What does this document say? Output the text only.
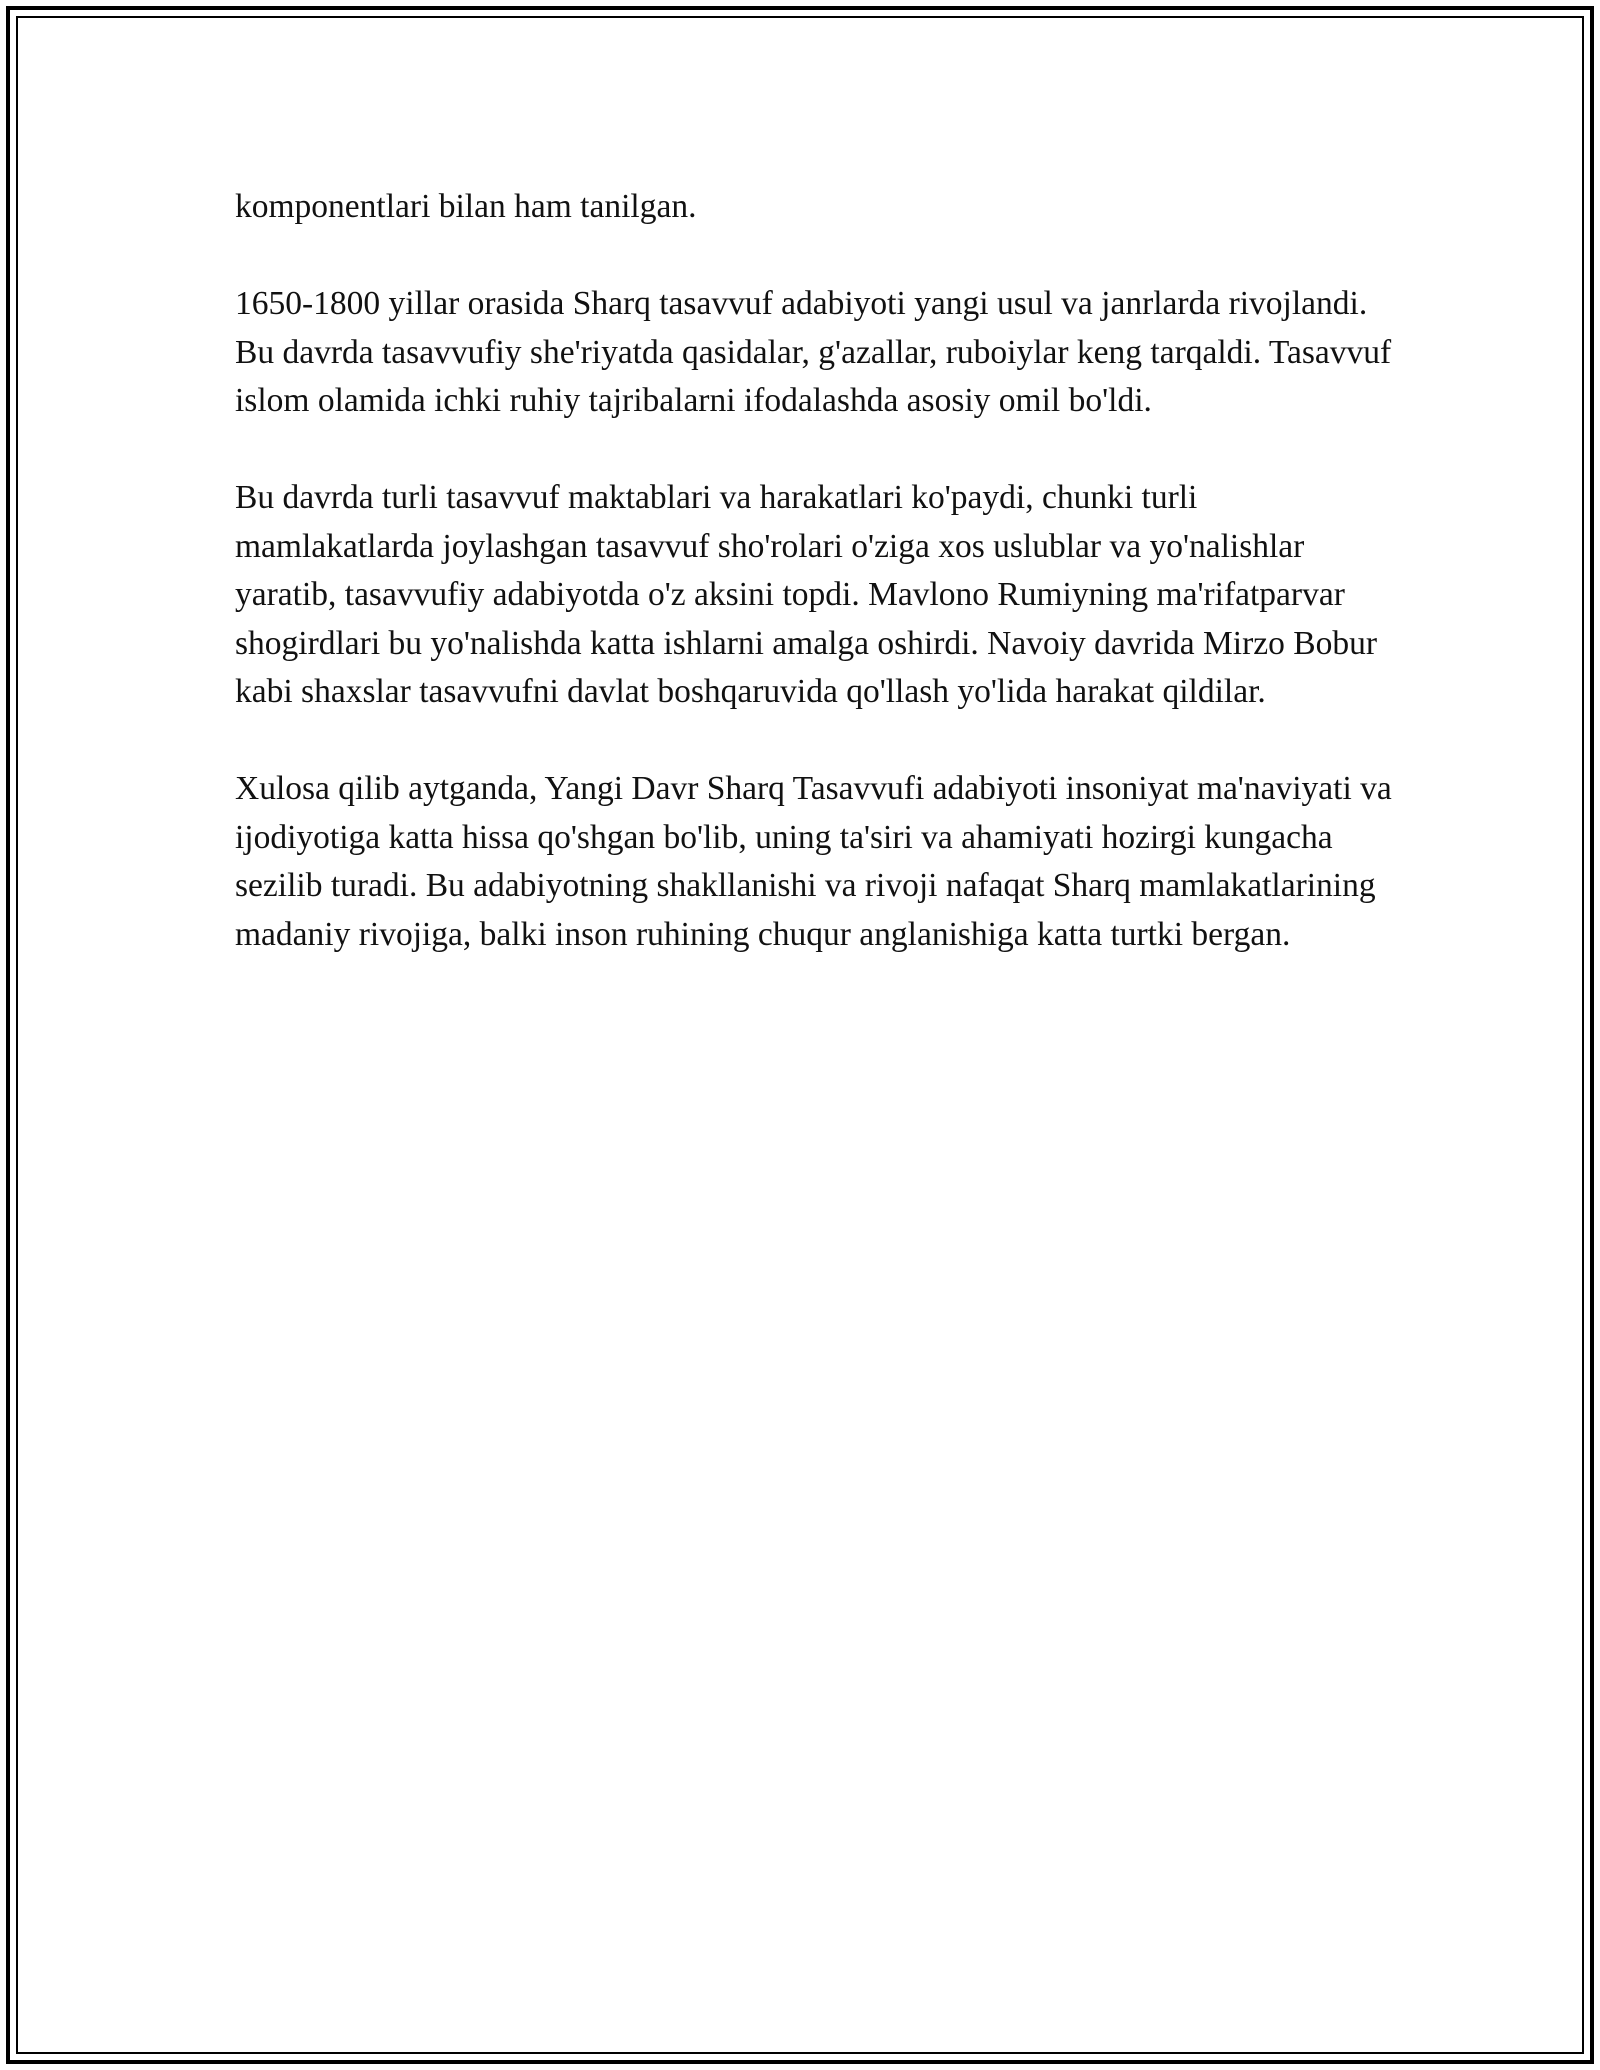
komponentlari bilan ham tanilgan.

1650-1800 yillar orasida Sharq tasavvuf adabiyoti yangi usul va janrlarda rivojlandi. Bu davrda tasavvufiy she'riyatda qasidalar, g'azallar, ruboiylar keng tarqaldi. Tasavvuf islom olamida ichki ruhiy tajribalarni ifodalashda asosiy omil bo'ldi.

Bu davrda turli tasavvuf maktablari va harakatlari ko'paydi, chunki turli mamlakatlarda joylashgan tasavvuf sho'rolari o'ziga xos uslublar va yo'nalishlar yaratib, tasavvufiy adabiyotda o'z aksini topdi. Mavlono Rumiyning ma'rifatparvar shogirdlari bu yo'nalishda katta ishlarni amalga oshirdi. Navoiy davrida Mirzo Bobur kabi shaxslar tasavvufni davlat boshqaruvida qo'llash yo'lida harakat qildilar.

Xulosa qilib aytganda, Yangi Davr Sharq Tasavvufi adabiyoti insoniyat ma'naviyati va ijodiyotiga katta hissa qo'shgan bo'lib, uning ta'siri va ahamiyati hozirgi kungacha sezilib turadi. Bu adabiyotning shakllanishi va rivoji nafaqat Sharq mamlakatlarining madaniy rivojiga, balki inson ruhining chuqur anglanishiga katta turtki bergan.
